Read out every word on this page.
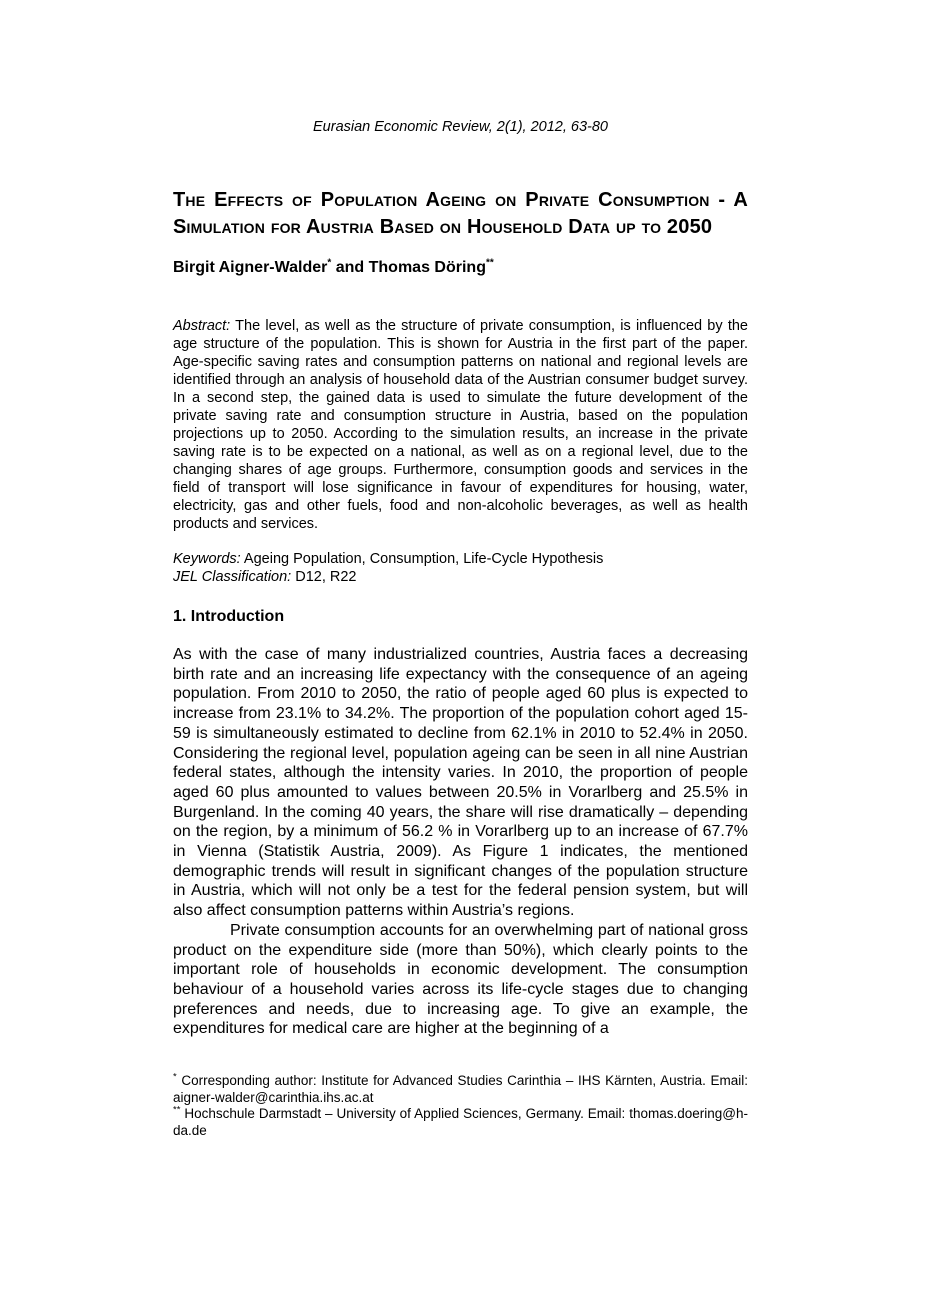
Eurasian Economic Review, 2(1), 2012, 63-80
The Effects of Population Ageing on Private Consumption - A Simulation for Austria Based on Household Data up to 2050
Birgit Aigner-Walder* and Thomas Döring**

Abstract: The level, as well as the structure of private consumption, is influenced by the age structure of the population. This is shown for Austria in the first part of the paper. Age-specific saving rates and consumption patterns on national and regional levels are identified through an analysis of household data of the Austrian consumer budget survey. In a second step, the gained data is used to simulate the future development of the private saving rate and consumption structure in Austria, based on the population projections up to 2050. According to the simulation results, an increase in the private saving rate is to be expected on a national, as well as on a regional level, due to the changing shares of age groups. Furthermore, consumption goods and services in the field of transport will lose significance in favour of expenditures for housing, water, electricity, gas and other fuels, food and non-alcoholic beverages, as well as health products and services.

Keywords: Ageing Population, Consumption, Life-Cycle Hypothesis
JEL Classification: D12, R22
1. Introduction

As with the case of many industrialized countries, Austria faces a decreasing birth rate and an increasing life expectancy with the consequence of an ageing population. From 2010 to 2050, the ratio of people aged 60 plus is expected to increase from 23.1% to 34.2%. The proportion of the population cohort aged 15-59 is simultaneously estimated to decline from 62.1% in 2010 to 52.4% in 2050. Considering the regional level, population ageing can be seen in all nine Austrian federal states, although the intensity varies. In 2010, the proportion of people aged 60 plus amounted to values between 20.5% in Vorarlberg and 25.5% in Burgenland. In the coming 40 years, the share will rise dramatically – depending on the region, by a minimum of 56.2 % in Vorarlberg up to an increase of 67.7% in Vienna (Statistik Austria, 2009). As Figure 1 indicates, the mentioned demographic trends will result in significant changes of the population structure in Austria, which will not only be a test for the federal pension system, but will also affect consumption patterns within Austria’s regions.

Private consumption accounts for an overwhelming part of national gross product on the expenditure side (more than 50%), which clearly points to the important role of households in economic development. The consumption behaviour of a household varies across its life-cycle stages due to changing preferences and needs, due to increasing age. To give an example, the expenditures for medical care are higher at the beginning of a

* Corresponding author: Institute for Advanced Studies Carinthia – IHS Kärnten, Austria. Email: aigner-walder@carinthia.ihs.ac.at

** Hochschule Darmstadt – University of Applied Sciences, Germany. Email: thomas.doering@h-da.de
